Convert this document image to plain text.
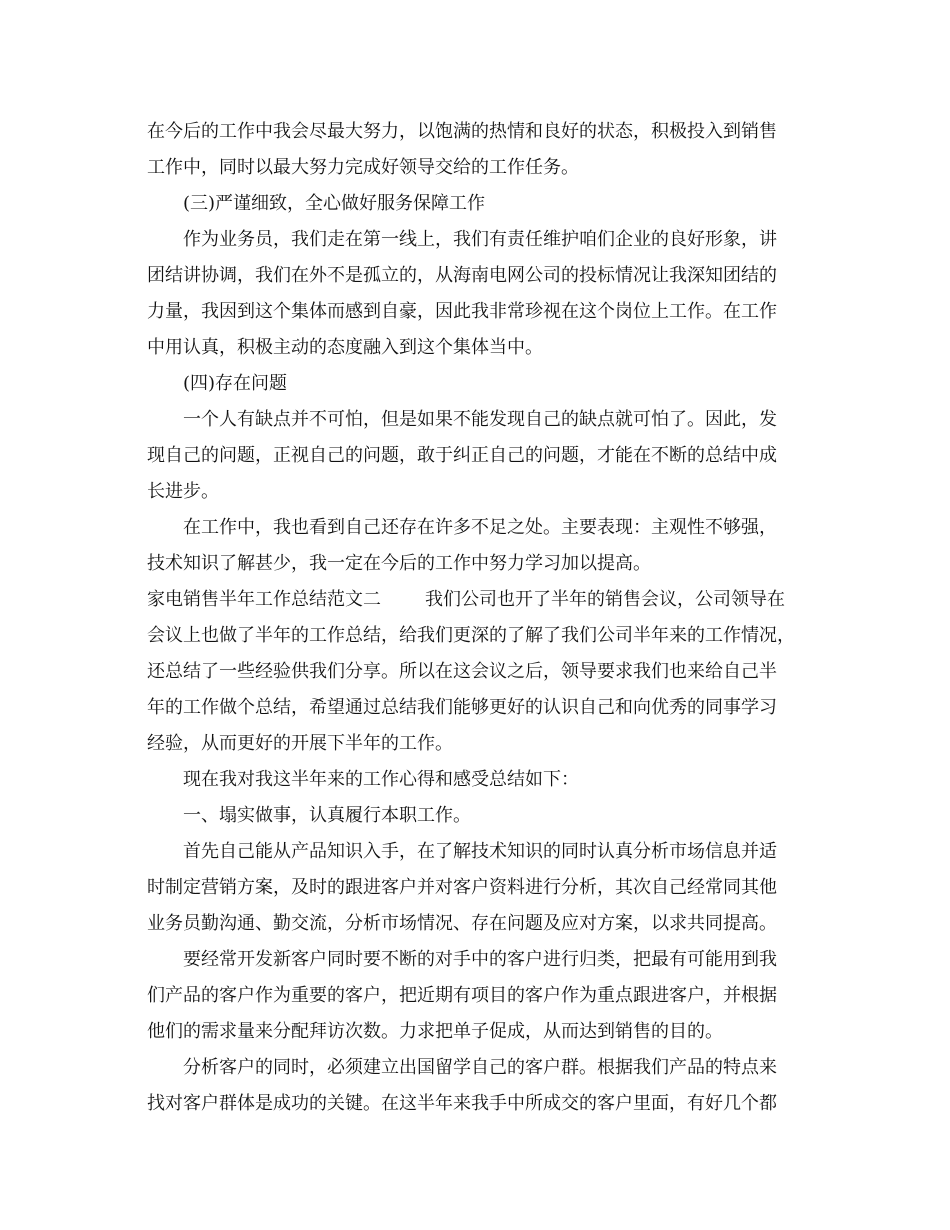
在今后的工作中我会尽最大努力，以饱满的热情和良好的状态，积极投入到销售
工作中，同时以最大努力完成好领导交给的工作任务。
(三)严谨细致，全心做好服务保障工作
作为业务员，我们走在第一线上，我们有责任维护咱们企业的良好形象，讲
团结讲协调，我们在外不是孤立的，从海南电网公司的投标情况让我深知团结的
力量，我因到这个集体而感到自豪，因此我非常珍视在这个岗位上工作。在工作
中用认真，积极主动的态度融入到这个集体当中。
(四)存在问题
一个人有缺点并不可怕，但是如果不能发现自己的缺点就可怕了。因此，发
现自己的问题，正视自己的问题，敢于纠正自己的问题，才能在不断的总结中成
长进步。
在工作中，我也看到自己还存在许多不足之处。主要表现：主观性不够强，
技术知识了解甚少，我一定在今后的工作中努力学习加以提高。
家电销售半年工作总结范文二 我们公司也开了半年的销售会议，公司领导在
会议上也做了半年的工作总结，给我们更深的了解了我们公司半年来的工作情况，
还总结了一些经验供我们分享。所以在这会议之后，领导要求我们也来给自己半
年的工作做个总结，希望通过总结我们能够更好的认识自己和向优秀的同事学习
经验，从而更好的开展下半年的工作。
现在我对我这半年来的工作心得和感受总结如下：
一、塌实做事，认真履行本职工作。
首先自己能从产品知识入手，在了解技术知识的同时认真分析市场信息并适
时制定营销方案，及时的跟进客户并对客户资料进行分析，其次自己经常同其他
业务员勤沟通、勤交流，分析市场情况、存在问题及应对方案，以求共同提高。
要经常开发新客户同时要不断的对手中的客户进行归类，把最有可能用到我
们产品的客户作为重要的客户，把近期有项目的客户作为重点跟进客户，并根据
他们的需求量来分配拜访次数。力求把单子促成，从而达到销售的目的。
分析客户的同时，必须建立出国留学自己的客户群。根据我们产品的特点来
找对客户群体是成功的关键。在这半年来我手中所成交的客户里面，有好几个都
